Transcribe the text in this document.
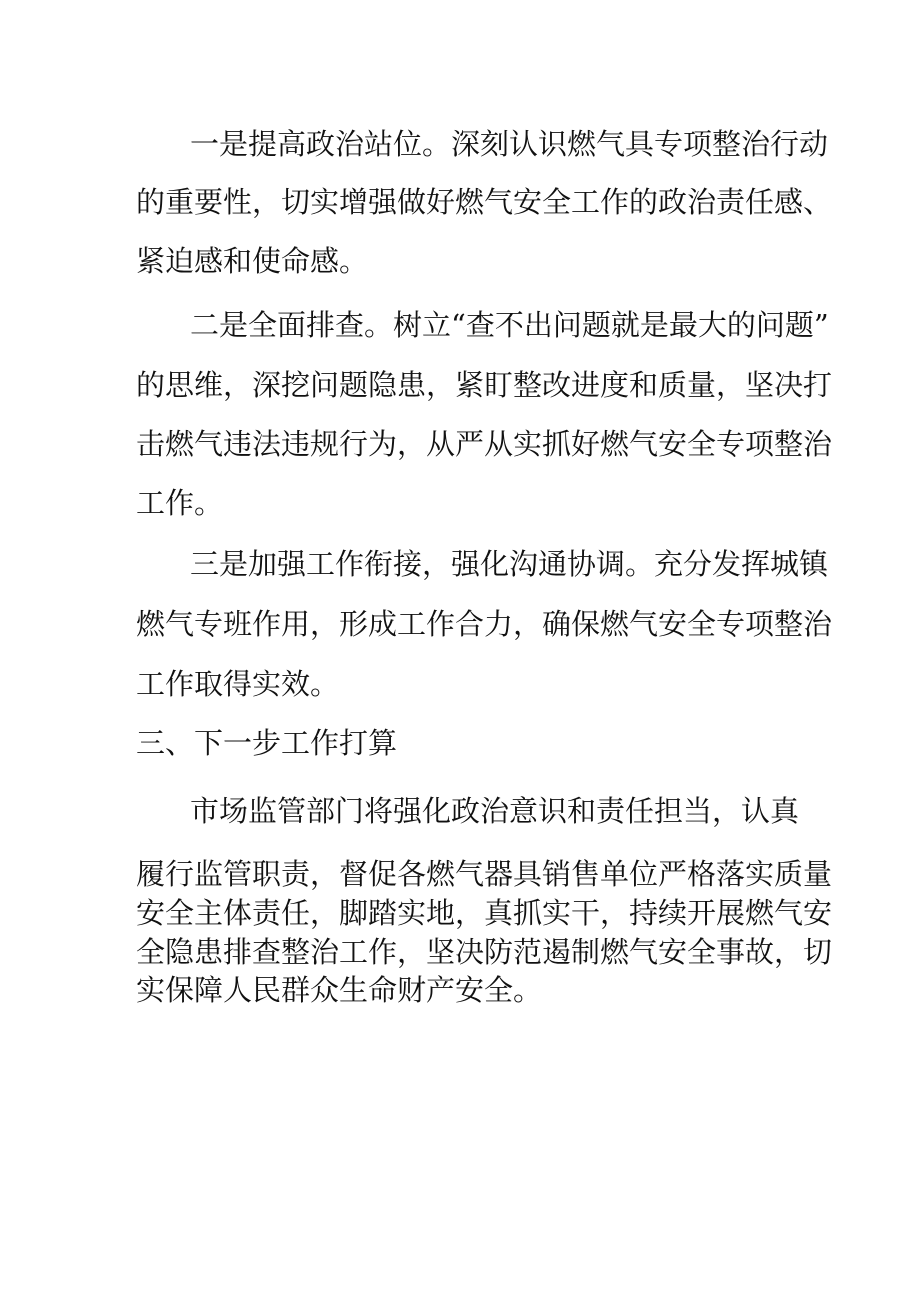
一是提高政治站位。深刻认识燃气具专项整治行动
的重要性，切实增强做好燃气安全工作的政治责任感、
紧迫感和使命感。
二是全面排查。树立“查不出问题就是最大的问题”
的思维，深挖问题隐患，紧盯整改进度和质量，坚决打
击燃气违法违规行为，从严从实抓好燃气安全专项整治
工作。
三是加强工作衔接，强化沟通协调。充分发挥城镇
燃气专班作用，形成工作合力，确保燃气安全专项整治
工作取得实效。
三、下一步工作打算
市场监管部门将强化政治意识和责任担当，认真
履行监管职责，督促各燃气器具销售单位严格落实质量
安全主体责任，脚踏实地，真抓实干，持续开展燃气安
全隐患排查整治工作，坚决防范遏制燃气安全事故，切
实保障人民群众生命财产安全。
